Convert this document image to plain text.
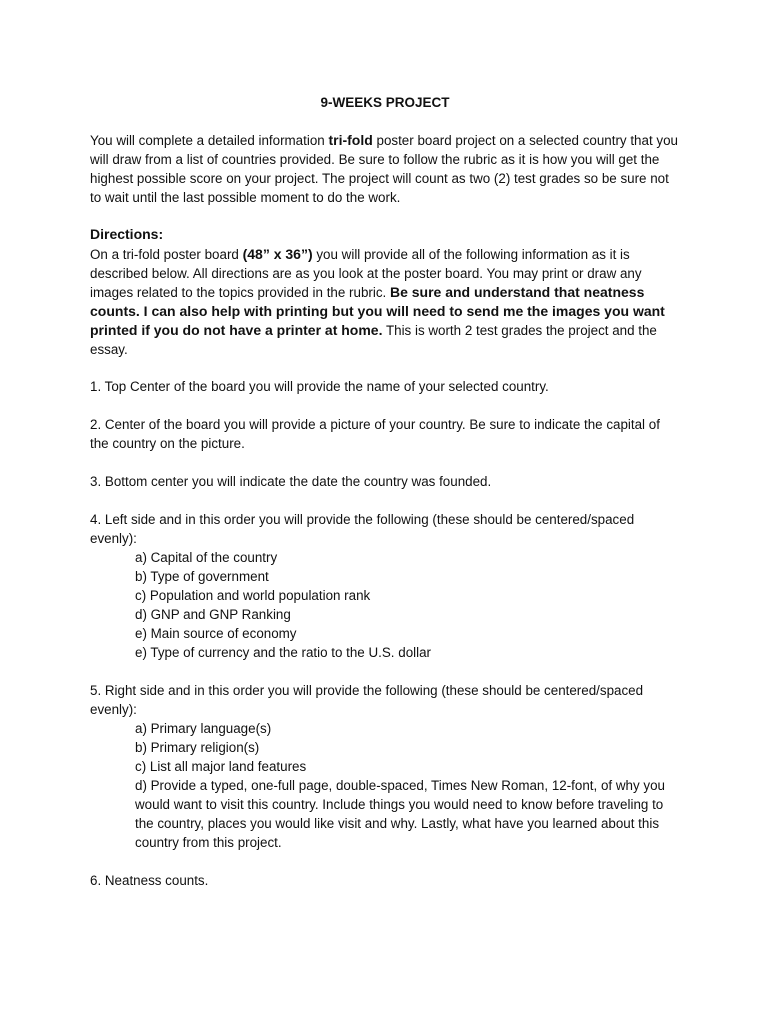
9-WEEKS PROJECT

You will complete a detailed information tri-fold poster board project on a selected country that you will draw from a list of countries provided. Be sure to follow the rubric as it is how you will get the highest possible score on your project. The project will count as two (2) test grades so be sure not to wait until the last possible moment to do the work.

Directions:

On a tri-fold poster board (48” x 36”) you will provide all of the following information as it is described below. All directions are as you look at the poster board. You may print or draw any images related to the topics provided in the rubric. Be sure and understand that neatness counts. I can also help with printing but you will need to send me the images you want printed if you do not have a printer at home. This is worth 2 test grades the project and the essay.

1. Top Center of the board you will provide the name of your selected country.

2. Center of the board you will provide a picture of your country. Be sure to indicate the capital of the country on the picture.

3. Bottom center you will indicate the date the country was founded.

4. Left side and in this order you will provide the following (these should be centered/spaced evenly):
a) Capital of the country
b) Type of government
c) Population and world population rank
d) GNP and GNP Ranking
e) Main source of economy
e) Type of currency and the ratio to the U.S. dollar
5. Right side and in this order you will provide the following (these should be centered/spaced evenly):
a) Primary language(s)
b) Primary religion(s)
c) List all major land features
d) Provide a typed, one-full page, double-spaced, Times New Roman, 12-font, of why you would want to visit this country. Include things you would need to know before traveling to the country, places you would like visit and why. Lastly, what have you learned about this country from this project.

6. Neatness counts.
